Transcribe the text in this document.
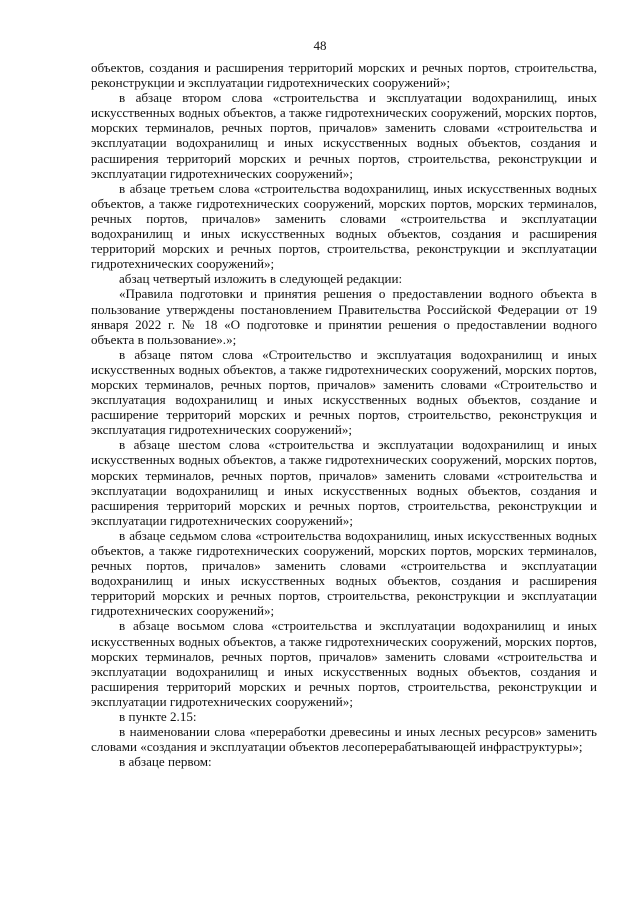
48

объектов, создания и расширения территорий морских и речных портов, строительства, реконструкции и эксплуатации гидротехнических сооружений»;

в абзаце втором слова «строительства и эксплуатации водохранилищ, иных искусственных водных объектов, а также гидротехнических сооружений, морских портов, морских терминалов, речных портов, причалов» заменить словами «строительства и эксплуатации водохранилищ и иных искусственных водных объектов, создания и расширения территорий морских и речных портов, строительства, реконструкции и эксплуатации гидротехнических сооружений»;

в абзаце третьем слова «строительства водохранилищ, иных искусственных водных объектов, а также гидротехнических сооружений, морских портов, морских терминалов, речных портов, причалов» заменить словами «строительства и эксплуатации водохранилищ и иных искусственных водных объектов, создания и расширения территорий морских и речных портов, строительства, реконструкции и эксплуатации гидротехнических сооружений»;

абзац четвертый изложить в следующей редакции:

«Правила подготовки и принятия решения о предоставлении водного объекта в пользование утверждены постановлением Правительства Российской Федерации от 19 января 2022 г. № 18 «О подготовке и принятии решения о предоставлении водного объекта в пользование».»;

в абзаце пятом слова «Строительство и эксплуатация водохранилищ и иных искусственных водных объектов, а также гидротехнических сооружений, морских портов, морских терминалов, речных портов, причалов» заменить словами «Строительство и эксплуатация водохранилищ и иных искусственных водных объектов, создание и расширение территорий морских и речных портов, строительство, реконструкция и эксплуатация гидротехнических сооружений»;

в абзаце шестом слова «строительства и эксплуатации водохранилищ и иных искусственных водных объектов, а также гидротехнических сооружений, морских портов, морских терминалов, речных портов, причалов» заменить словами «строительства и эксплуатации водохранилищ и иных искусственных водных объектов, создания и расширения территорий морских и речных портов, строительства, реконструкции и эксплуатации гидротехнических сооружений»;

в абзаце седьмом слова «строительства водохранилищ, иных искусственных водных объектов, а также гидротехнических сооружений, морских портов, морских терминалов, речных портов, причалов» заменить словами «строительства и эксплуатации водохранилищ и иных искусственных водных объектов, создания и расширения территорий морских и речных портов, строительства, реконструкции и эксплуатации гидротехнических сооружений»;

в абзаце восьмом слова «строительства и эксплуатации водохранилищ и иных искусственных водных объектов, а также гидротехнических сооружений, морских портов, морских терминалов, речных портов, причалов» заменить словами «строительства и эксплуатации водохранилищ и иных искусственных водных объектов, создания и расширения территорий морских и речных портов, строительства, реконструкции и эксплуатации гидротехнических сооружений»;

в пункте 2.15:

в наименовании слова «переработки древесины и иных лесных ресурсов» заменить словами «создания и эксплуатации объектов лесоперерабатывающей инфраструктуры»;

в абзаце первом:
